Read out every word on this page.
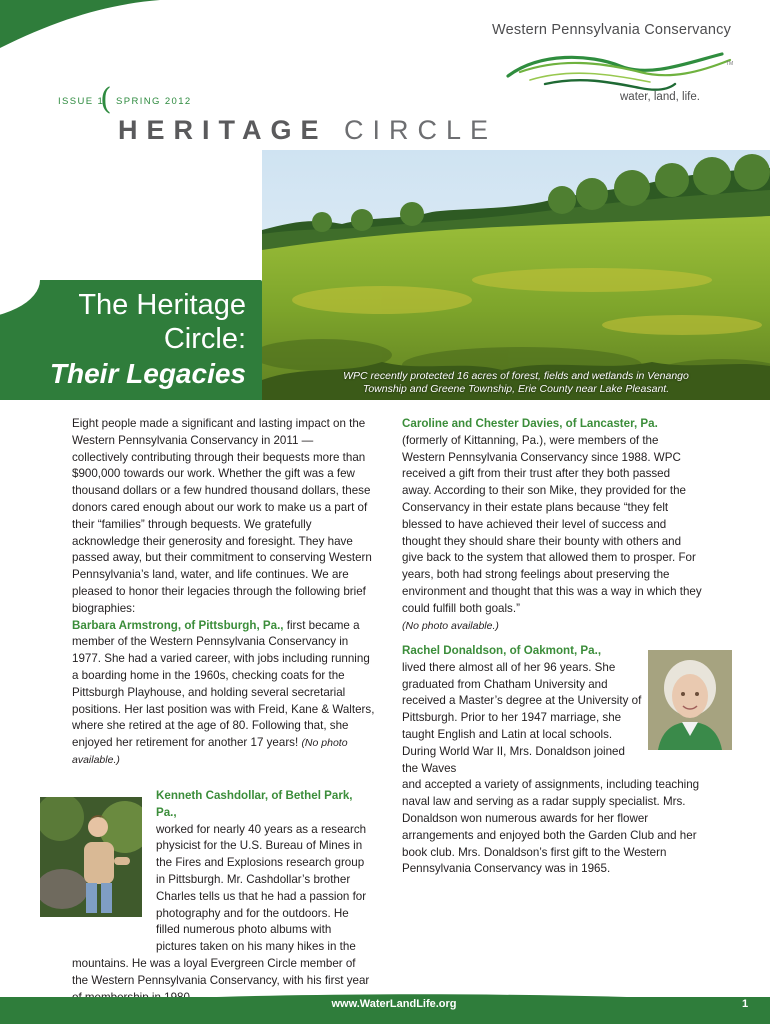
Western Pennsylvania Conservancy
TM
water, land, life.
ISSUE 1
( SPRING 2012
HERITAGE CIRCLE
WPC recently protected 16 acres of forest, fields and wetlands in Venango
Township and Greene Township, Erie County near Lake Pleasant.
The Heritage
Circle:
Their Legacies

Eight people made a significant and lasting impact on the Western Pennsylvania Conservancy in 2011 — collectively contributing through their bequests more than $900,000 towards our work. Whether the gift was a few thousand dollars or a few hundred thousand dollars, these donors cared enough about our work to make us a part of their “families” through bequests. We gratefully acknowledge their generosity and foresight. They have passed away, but their commitment to conserving Western Pennsylvania’s land, water, and life continues. We are pleased to honor their legacies through the following brief biographies:

Barbara Armstrong, of Pittsburgh, Pa., first became a member of the Western Pennsylvania Conservancy in 1977. She had a varied career, with jobs including running a boarding home in the 1960s, checking coats for the Pittsburgh Playhouse, and holding several secretarial positions. Her last position was with Freid, Kane & Walters, where she retired at the age of 80. Following that, she enjoyed her retirement for another 17 years! (No photo available.)

Kenneth Cashdollar, of Bethel Park, Pa.,
worked for nearly 40 years as a research physicist for the U.S. Bureau of Mines in the Fires and Explosions research group in Pittsburgh. Mr. Cashdollar’s brother Charles tells us that he had a passion for photography and for the outdoors. He filled numerous photo albums with pictures taken on his many hikes in the
mountains. He was a loyal Evergreen Circle member of the Western Pennsylvania Conservancy, with his first year

Caroline and Chester Davies, of Lancaster, Pa.
(formerly of Kittanning, Pa.), were members of the Western Pennsylvania Conservancy since 1988. WPC received a gift from their trust after they both passed away. According to their son Mike, they provided for the Conservancy in their estate plans because “they felt blessed to have achieved their level of success and thought they should share their bounty with others and give back to the system that allowed them to prosper. For years, both had strong feelings about preserving the environment and thought that this was a way in which they could fulfill both goals.”
(No photo available.)

Rachel Donaldson, of Oakmont, Pa.,
lived there almost all of her 96 years. She graduated from Chatham University and received a Master’s degree at the University of Pittsburgh. Prior to her 1947 marriage, she taught English and Latin at local schools. During World War II, Mrs. Donaldson joined the Waves
and accepted a variety of assignments, including teaching naval law and serving as a radar supply specialist. Mrs. Donaldson won numerous awards for her flower arrangements and enjoyed both the Garden Club and her book club. Mrs. Donaldson’s first gift to the Western Pennsylvania Conservancy was in 1965.
www.WaterLandLife.org	1
